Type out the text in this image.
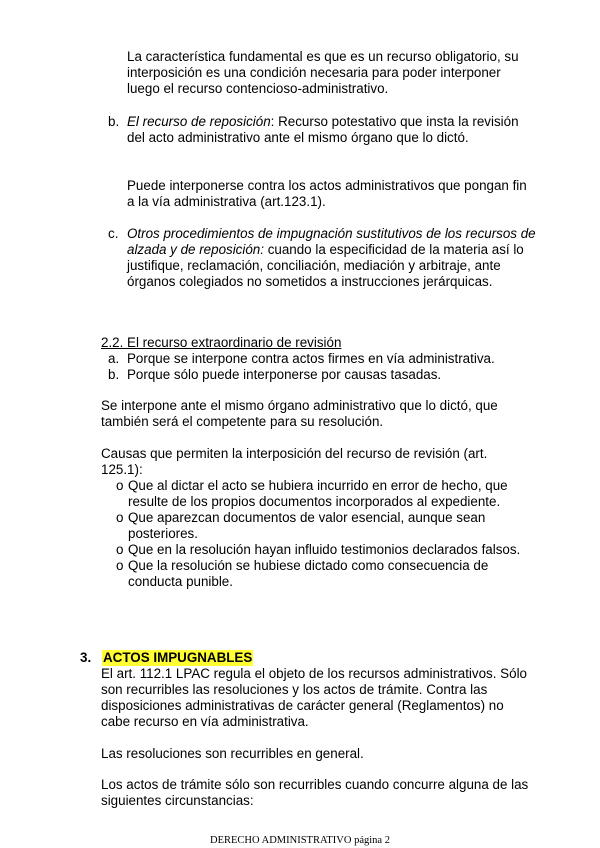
La característica fundamental es que es un recurso obligatorio, su interposición es una condición necesaria para poder interponer luego el recurso contencioso-administrativo.

b. El recurso de reposición: Recurso potestativo que insta la revisión del acto administrativo ante el mismo órgano que lo dictó.

Puede interponerse contra los actos administrativos que pongan fin a la vía administrativa (art.123.1).

c. Otros procedimientos de impugnación sustitutivos de los recursos de alzada y de reposición: cuando la especificidad de la materia así lo justifique, reclamación, conciliación, mediación y arbitraje, ante órganos colegiados no sometidos a instrucciones jerárquicas.
2.2. El recurso extraordinario de revisión
a. Porque se interpone contra actos firmes en vía administrativa.
b. Porque sólo puede interponerse por causas tasadas.

Se interpone ante el mismo órgano administrativo que lo dictó, que también será el competente para su resolución.

Causas que permiten la interposición del recurso de revisión (art. 125.1):

o Que al dictar el acto se hubiera incurrido en error de hecho, que resulte de los propios documentos incorporados al expediente.
o Que aparezcan documentos de valor esencial, aunque sean posteriores.
o Que en la resolución hayan influido testimonios declarados falsos.
o Que la resolución se hubiese dictado como consecuencia de conducta punible.
3. ACTOS IMPUGNABLES

El art. 112.1 LPAC regula el objeto de los recursos administrativos. Sólo son recurribles las resoluciones y los actos de trámite. Contra las disposiciones administrativas de carácter general (Reglamentos) no cabe recurso en vía administrativa.

Las resoluciones son recurribles en general.

Los actos de trámite sólo son recurribles cuando concurre alguna de las siguientes circunstancias:

DERECHO ADMINISTRATIVO página 2
